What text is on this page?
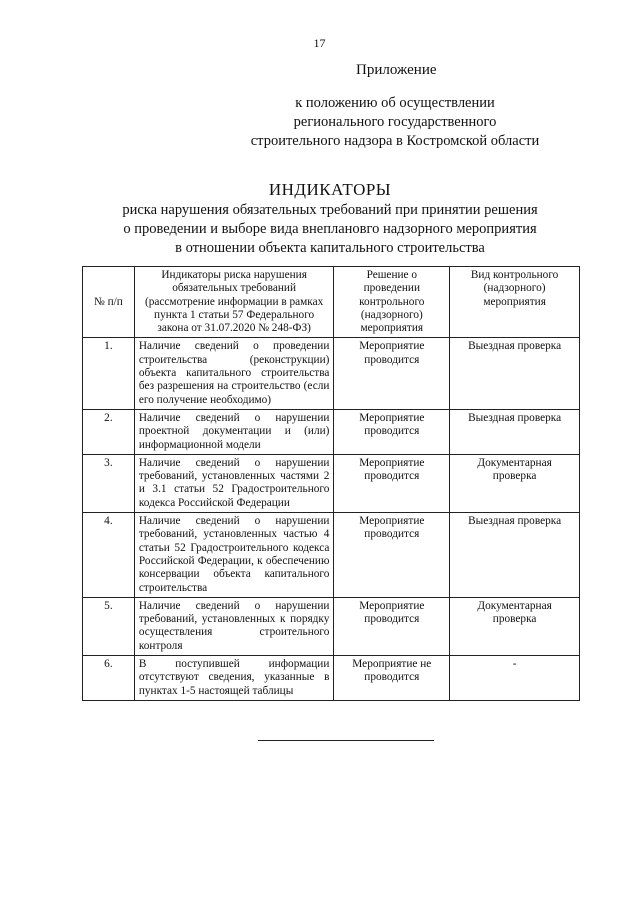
17
Приложение
к положению об осуществлении
регионального государственного
строительного надзора в Костромской области
ИНДИКАТОРЫ
риска нарушения обязательных требований при принятии решения
о проведении и выборе вида внеплановго надзорного мероприятия
в отношении объекта капитального строительства
№ п/п	Индикаторы риска нарушения обязательных требований (рассмотрение информации в рамках пункта 1 статьи 57 Федерального закона от 31.07.2020 № 248-ФЗ)	Решение о проведении контрольного (надзорного) мероприятия	Вид контрольного (надзорного) мероприятия
1.	Наличие сведений о проведении строительства (реконструкции) объекта капитального строительства без разрешения на строительство (если его получение необходимо)	Мероприятие проводится	Выездная проверка
2.	Наличие сведений о нарушении проектной документации и (или) информационной модели	Мероприятие проводится	Выездная проверка
3.	Наличие сведений о нарушении требований, установленных частями 2 и 3.1 статьи 52 Градостроительного кодекса Российской Федерации	Мероприятие проводится	Документарная проверка
4.	Наличие сведений о нарушении требований, установленных частью 4 статьи 52 Градостроительного кодекса Российской Федерации, к обеспечению консервации объекта капитального строительства	Мероприятие проводится	Выездная проверка
5.	Наличие сведений о нарушении требований, установленных к порядку осуществления строительного контроля	Мероприятие проводится	Документарная проверка
6.	В поступившей информации отсутствуют сведения, указанные в пунктах 1-5 настоящей таблицы	Мероприятие не проводится	-
